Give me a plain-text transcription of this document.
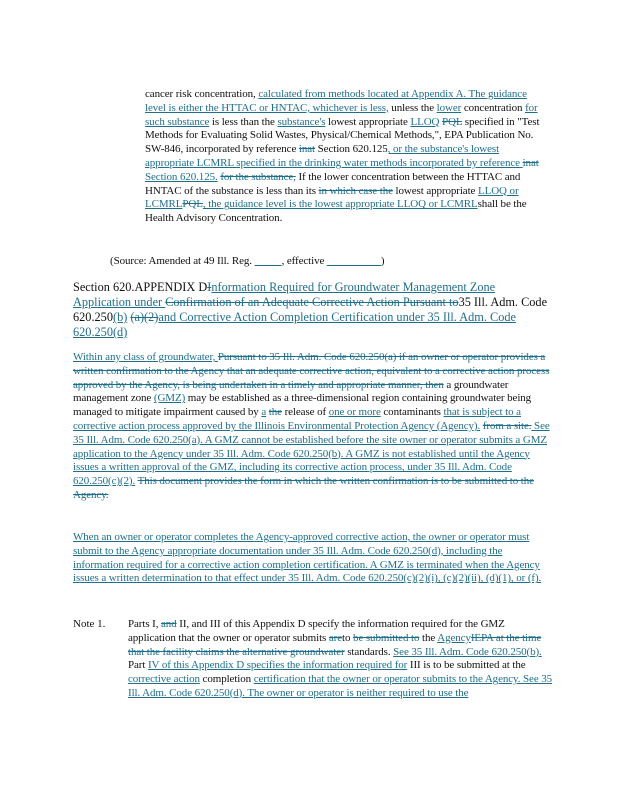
cancer risk concentration, calculated from methods located at Appendix A. The guidance level is either the HTTAC or HNTAC, whichever is less, unless the lower concentration for such substance is less than the substance's lowest appropriate LLOQ PQL specified in "Test Methods for Evaluating Solid Wastes, Physical/Chemical Methods,", EPA Publication No. SW-846, incorporated by reference inat Section 620.125, or the substance's lowest appropriate LCMRL specified in the drinking water methods incorporated by reference inat Section 620.125. for the substance, If the lower concentration between the HTTAC and HNTAC of the substance is less than its in which case the lowest appropriate LLOQ or LCMRLPQL, the guidance level is the lowest appropriate LLOQ or LCMRLshall be the Health Advisory Concentration.

(Source: Amended at 49 Ill. Reg. _____, effective __________)

Section 620.APPENDIX DInformation Required for Groundwater Management Zone Application under Confirmation of an Adequate Corrective Action Pursuant to35 Ill. Adm. Code 620.250(b) (a)(2)and Corrective Action Completion Certification under 35 Ill. Adm. Code 620.250(d)

Within any class of groundwater, Pursuant to 35 Ill. Adm. Code 620.250(a) if an owner or operator provides a written confirmation to the Agency that an adequate corrective action, equivalent to a corrective action process approved by the Agency, is being undertaken in a timely and appropriate manner, then a groundwater management zone (GMZ) may be established as a three-dimensional region containing groundwater being managed to mitigate impairment caused by a the release of one or more contaminants that is subject to a corrective action process approved by the Illinois Environmental Protection Agency (Agency). from a site. See 35 Ill. Adm. Code 620.250(a). A GMZ cannot be established before the site owner or operator submits a GMZ application to the Agency under 35 Ill. Adm. Code 620.250(b). A GMZ is not established until the Agency issues a written approval of the GMZ, including its corrective action process, under 35 Ill. Adm. Code 620.250(c)(2). This document provides the form in which the written confirmation is to be submitted to the Agency.

When an owner or operator completes the Agency-approved corrective action, the owner or operator must submit to the Agency appropriate documentation under 35 Ill. Adm. Code 620.250(d), including the information required for a corrective action completion certification. A GMZ is terminated when the Agency issues a written determination to that effect under 35 Ill. Adm. Code 620.250(c)(2)(i), (c)(2)(ii), (d)(1), or (f).

Note 1. Parts I, and II, and III of this Appendix D specify the information required for the GMZ application that the owner or operator submits areto be submitted to the AgencyIEPA at the time that the facility claims the alternative groundwater standards. See 35 Ill. Adm. Code 620.250(b). Part IV of this Appendix D specifies the information required for III is to be submitted at the corrective action completion certification that the owner or operator submits to the Agency. See 35 Ill. Adm. Code 620.250(d). The owner or operator is neither required to use the
